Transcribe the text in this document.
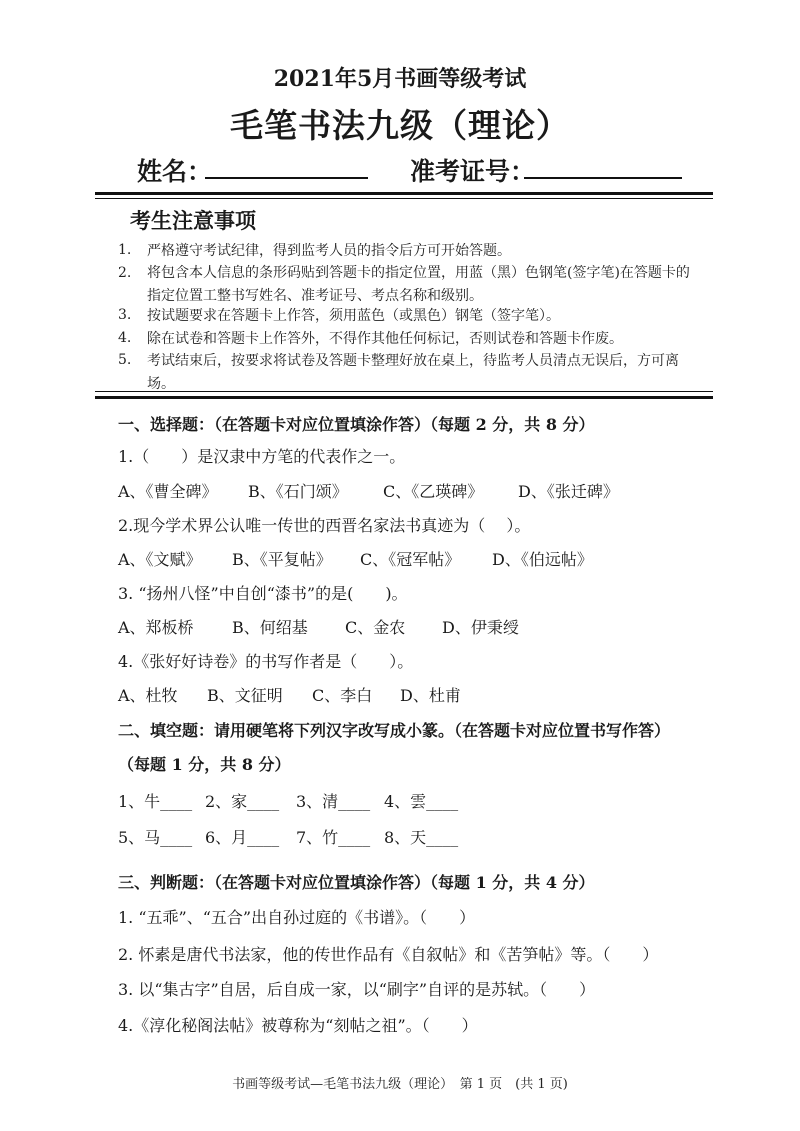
2021年5月书画等级考试
毛笔书法九级（理论）
姓名：	准考证号：
考生注意事项
1. 严格遵守考试纪律，得到监考人员的指令后方可开始答题。
2. 将包含本人信息的条形码贴到答题卡的指定位置，用蓝（黑）色钢笔(签字笔)在答题卡的指定位置工整书写姓名、准考证号、考点名称和级别。
3. 按试题要求在答题卡上作答，须用蓝色（或黑色）钢笔（签字笔）。
4. 除在试卷和答题卡上作答外，不得作其他任何标记，否则试卷和答题卡作废。
5. 考试结束后，按要求将试卷及答题卡整理好放在桌上，待监考人员清点无误后，方可离场。
一、选择题：（在答题卡对应位置填涂作答）（每题 2 分，共 8 分）
1.（　　）是汉隶中方笔的代表作之一。
A、《曹全碑》 B、《石门颂》 C、《乙瑛碑》 D、《张迁碑》
2.现今学术界公认唯一传世的西晋名家法书真迹为（　 ）。
A、《文赋》 B、《平复帖》 C、《冠军帖》 D、《伯远帖》
3. “扬州八怪”中自创“漆书”的是(　　)。
A、郑板桥 B、何绍基 C、金农 D、伊秉绶
4.《张好好诗卷》的书写作者是（　　）。
A、杜牧 B、文征明 C、李白 D、杜甫
二、填空题：请用硬笔将下列汉字改写成小篆。（在答题卡对应位置书写作答）
（每题 1 分，共 8 分）
1、牛____ 2、家____ 3、清____ 4、雲____
5、马____ 6、月____ 7、竹____ 8、天____
三、判断题：（在答题卡对应位置填涂作答）（每题 1 分，共 4 分）
1. “五乖”、“五合”出自孙过庭的《书谱》。（　　）
2. 怀素是唐代书法家，他的传世作品有《自叙帖》和《苦笋帖》等。（　　）
3. 以“集古字”自居，后自成一家，以“刷字”自评的是苏轼。（　　）
4.《淳化秘阁法帖》被尊称为“刻帖之祖”。（　　）
书画等级考试—毛笔书法九级（理论）　第 1 页　(共 1 页)
